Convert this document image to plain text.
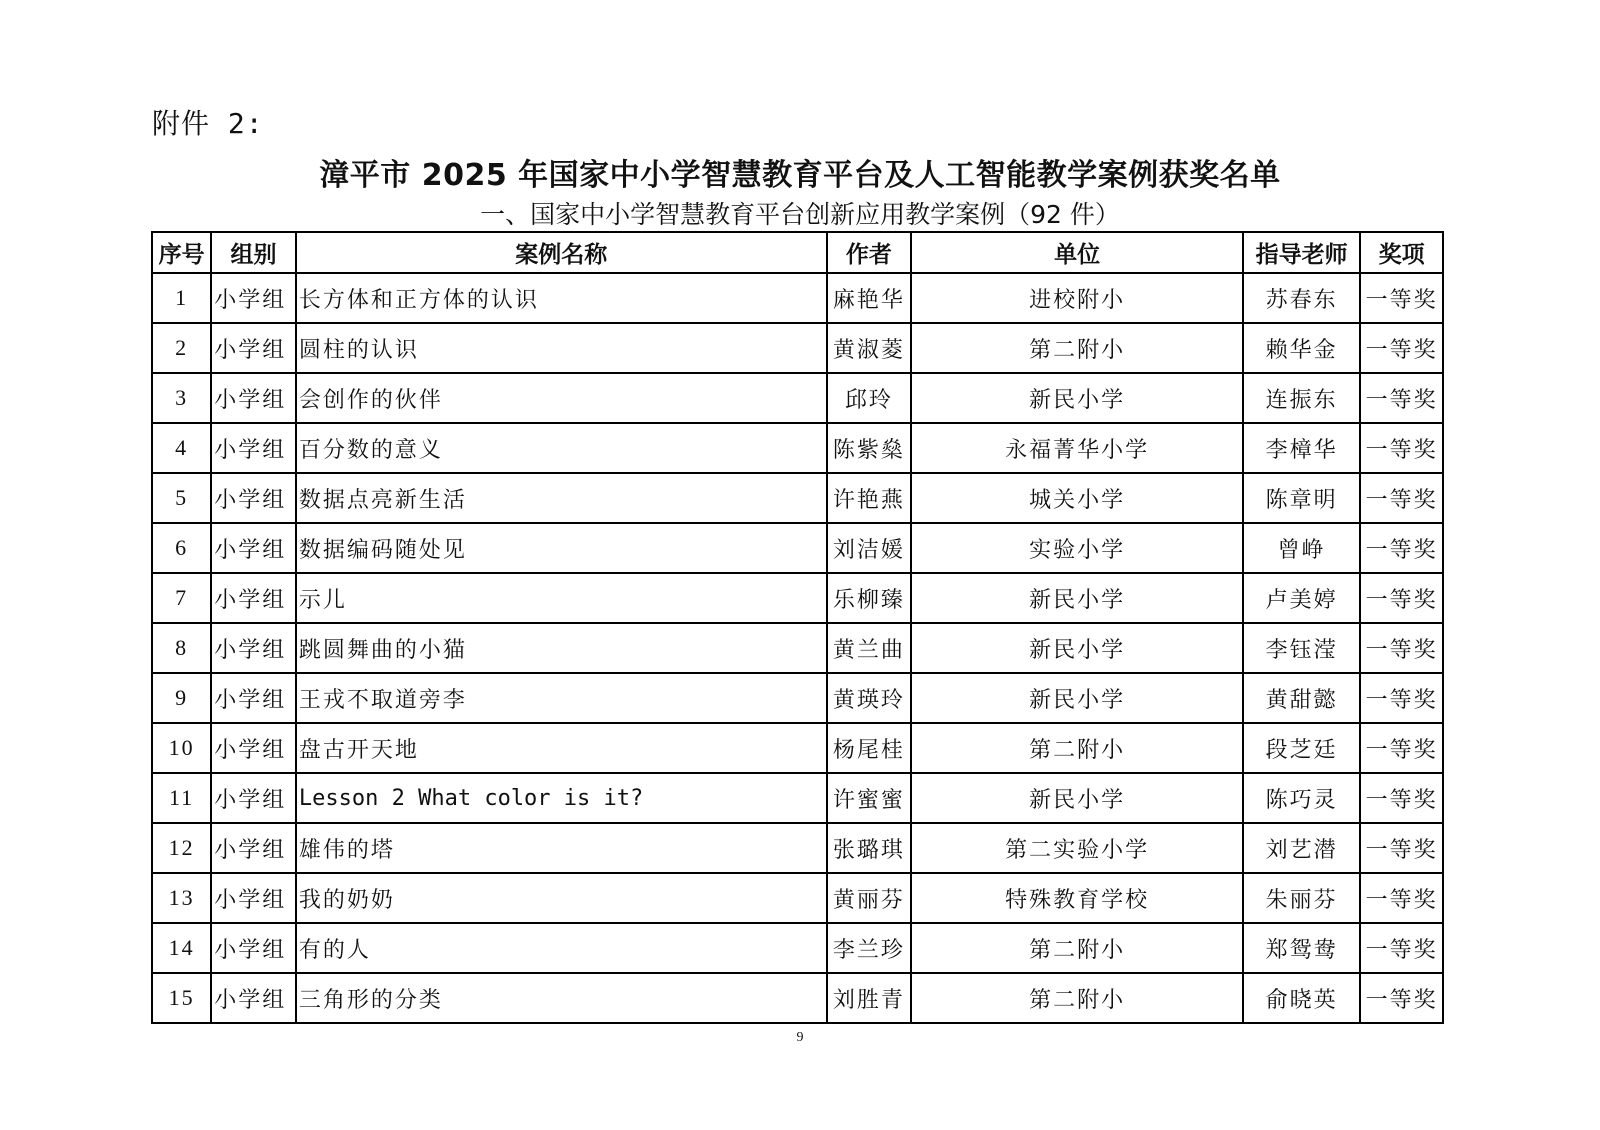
附件 2:
漳平市 2025 年国家中小学智慧教育平台及人工智能教学案例获奖名单
一、国家中小学智慧教育平台创新应用教学案例（92 件）
序号	组别	案例名称	作者	单位	指导老师	奖项
1	小学组	长方体和正方体的认识	麻艳华	进校附小	苏春东	一等奖
2	小学组	圆柱的认识	黄淑菱	第二附小	赖华金	一等奖
3	小学组	会创作的伙伴	邱玲	新民小学	连振东	一等奖
4	小学组	百分数的意义	陈紫燊	永福菁华小学	李樟华	一等奖
5	小学组	数据点亮新生活	许艳燕	城关小学	陈章明	一等奖
6	小学组	数据编码随处见	刘洁媛	实验小学	曾峥	一等奖
7	小学组	示儿	乐柳臻	新民小学	卢美婷	一等奖
8	小学组	跳圆舞曲的小猫	黄兰曲	新民小学	李钰滢	一等奖
9	小学组	王戎不取道旁李	黄瑛玲	新民小学	黄甜懿	一等奖
10	小学组	盘古开天地	杨尾桂	第二附小	段芝廷	一等奖
11	小学组	Lesson 2 What color is it?	许蜜蜜	新民小学	陈巧灵	一等奖
12	小学组	雄伟的塔	张璐琪	第二实验小学	刘艺潜	一等奖
13	小学组	我的奶奶	黄丽芬	特殊教育学校	朱丽芬	一等奖
14	小学组	有的人	李兰珍	第二附小	郑鸳鸯	一等奖
15	小学组	三角形的分类	刘胜青	第二附小	俞晓英	一等奖
9
